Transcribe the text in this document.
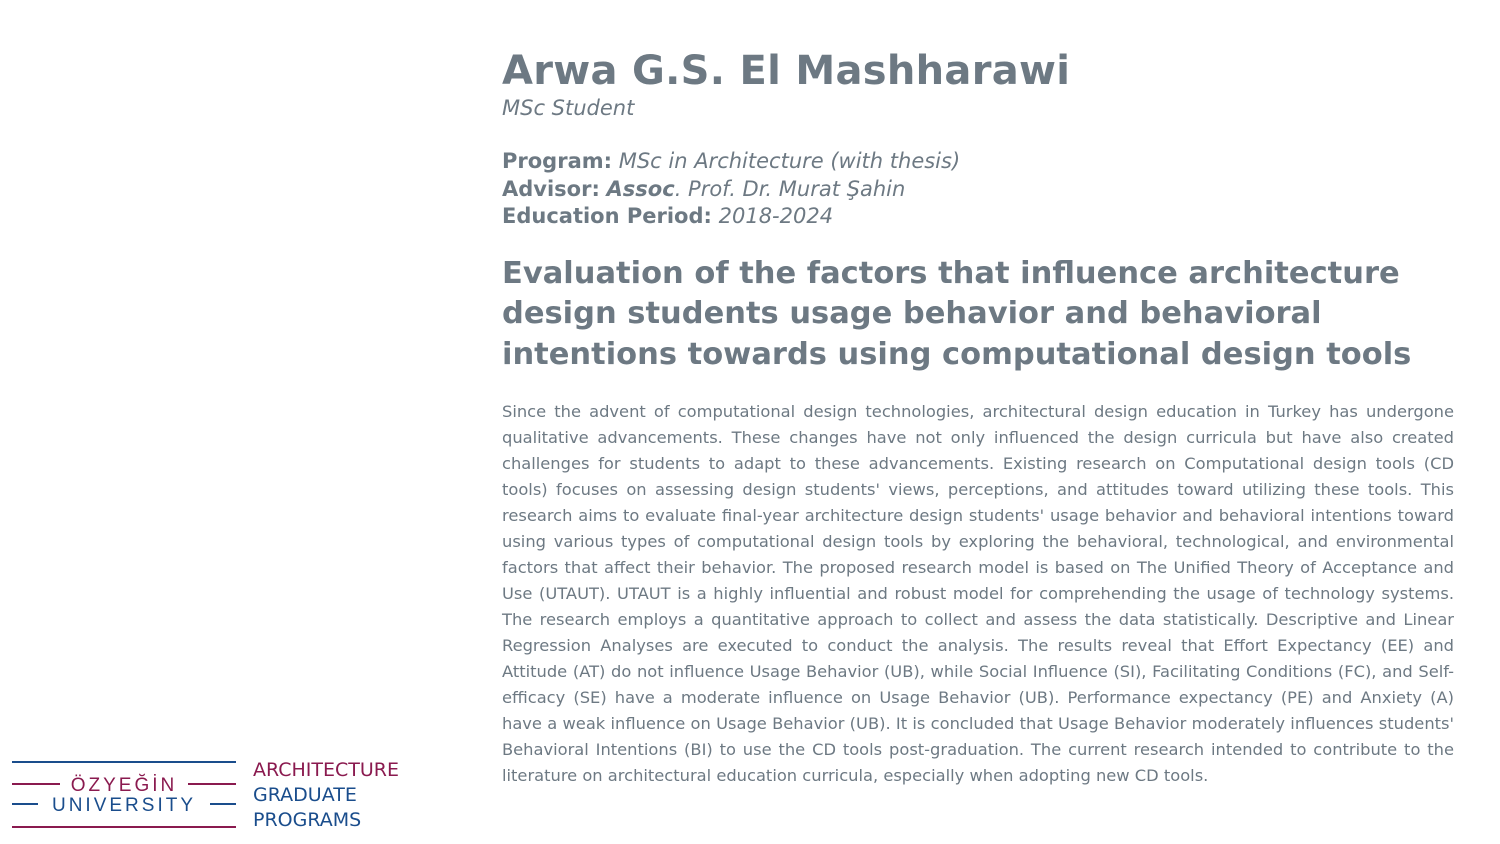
Arwa G.S. El Mashharawi
MSc Student
Program: MSc in Architecture (with thesis)
Advisor: Assoc. Prof. Dr. Murat Şahin
Education Period: 2018-2024
Evaluation of the factors that influence architecture design students usage behavior and behavioral intentions towards using computational design tools
Since the advent of computational design technologies, architectural design education in Turkey has undergone qualitative advancements. These changes have not only influenced the design curricula but have also created challenges for students to adapt to these advancements. Existing research on Computational design tools (CD tools) focuses on assessing design students' views, perceptions, and attitudes toward utilizing these tools. This research aims to evaluate final-year architecture design students' usage behavior and behavioral intentions toward using various types of computational design tools by exploring the behavioral, technological, and environmental factors that affect their behavior. The proposed research model is based on The Unified Theory of Acceptance and Use (UTAUT). UTAUT is a highly influential and robust model for comprehending the usage of technology systems. The research employs a quantitative approach to collect and assess the data statistically. Descriptive and Linear Regression Analyses are executed to conduct the analysis. The results reveal that Effort Expectancy (EE) and Attitude (AT) do not influence Usage Behavior (UB), while Social Influence (SI), Facilitating Conditions (FC), and Self-efficacy (SE) have a moderate influence on Usage Behavior (UB). Performance expectancy (PE) and Anxiety (A) have a weak influence on Usage Behavior (UB). It is concluded that Usage Behavior moderately influences students' Behavioral Intentions (BI) to use the CD tools post-graduation. The current research intended to contribute to the literature on architectural education curricula, especially when adopting new CD tools.
ÖZYEĞİN
UNIVERSITY
ARCHITECTURE
GRADUATE
PROGRAMS
